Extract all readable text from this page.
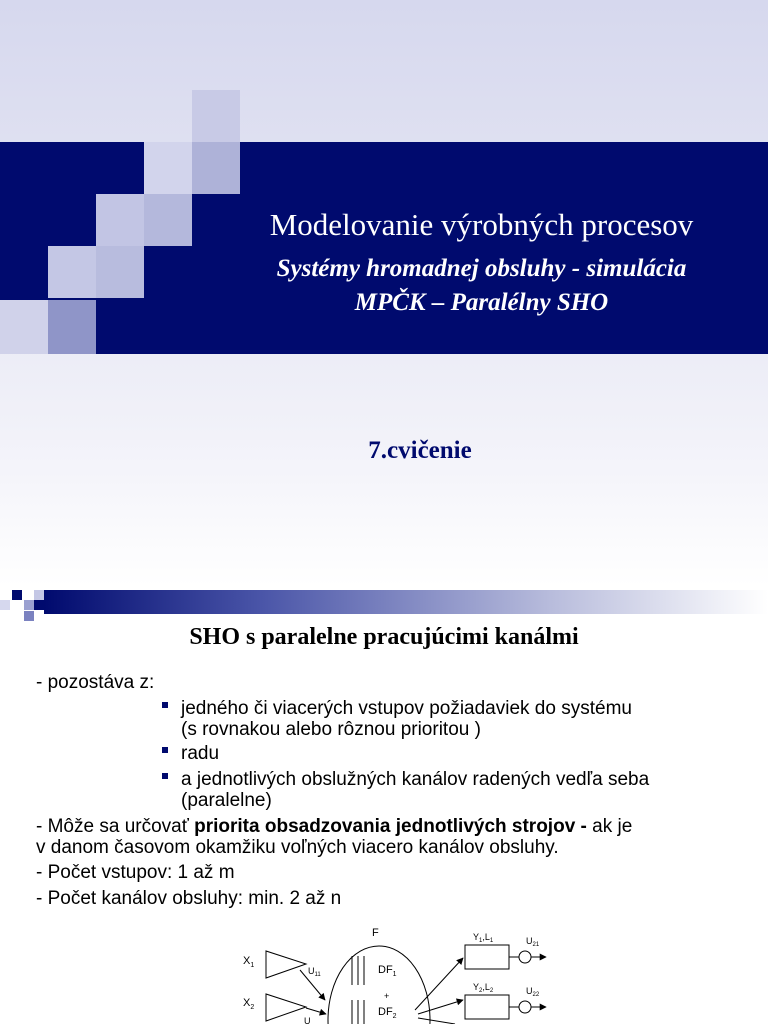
Modelovanie výrobných procesov
Systémy hromadnej obsluhy - simulácia
MPČK – Paralélny SHO
7.cvičenie
SHO s paralelne pracujúcimi kanálmi
- pozostáva z:
jedného či viacerých vstupov požiadaviek do systému
(s rovnakou alebo rôznou prioritou )
radu
a jednotlivých obslužných kanálov radených vedľa seba
(paralelne)
- Môže sa určovať priorita obsadzovania jednotlivých strojov - ak je
v danom časovom okamžiku voľných viacero kanálov obsluhy.
- Počet vstupov: 1 až m
- Počet kanálov obsluhy: min. 2 až n
F
$X_1$
$U_{11}$
$X_2$
U
$DF_1$
+
$DF_2$
$Y_1,L_1$	$U_{21}$
$Y_2,L_2$	$U_{22}$
